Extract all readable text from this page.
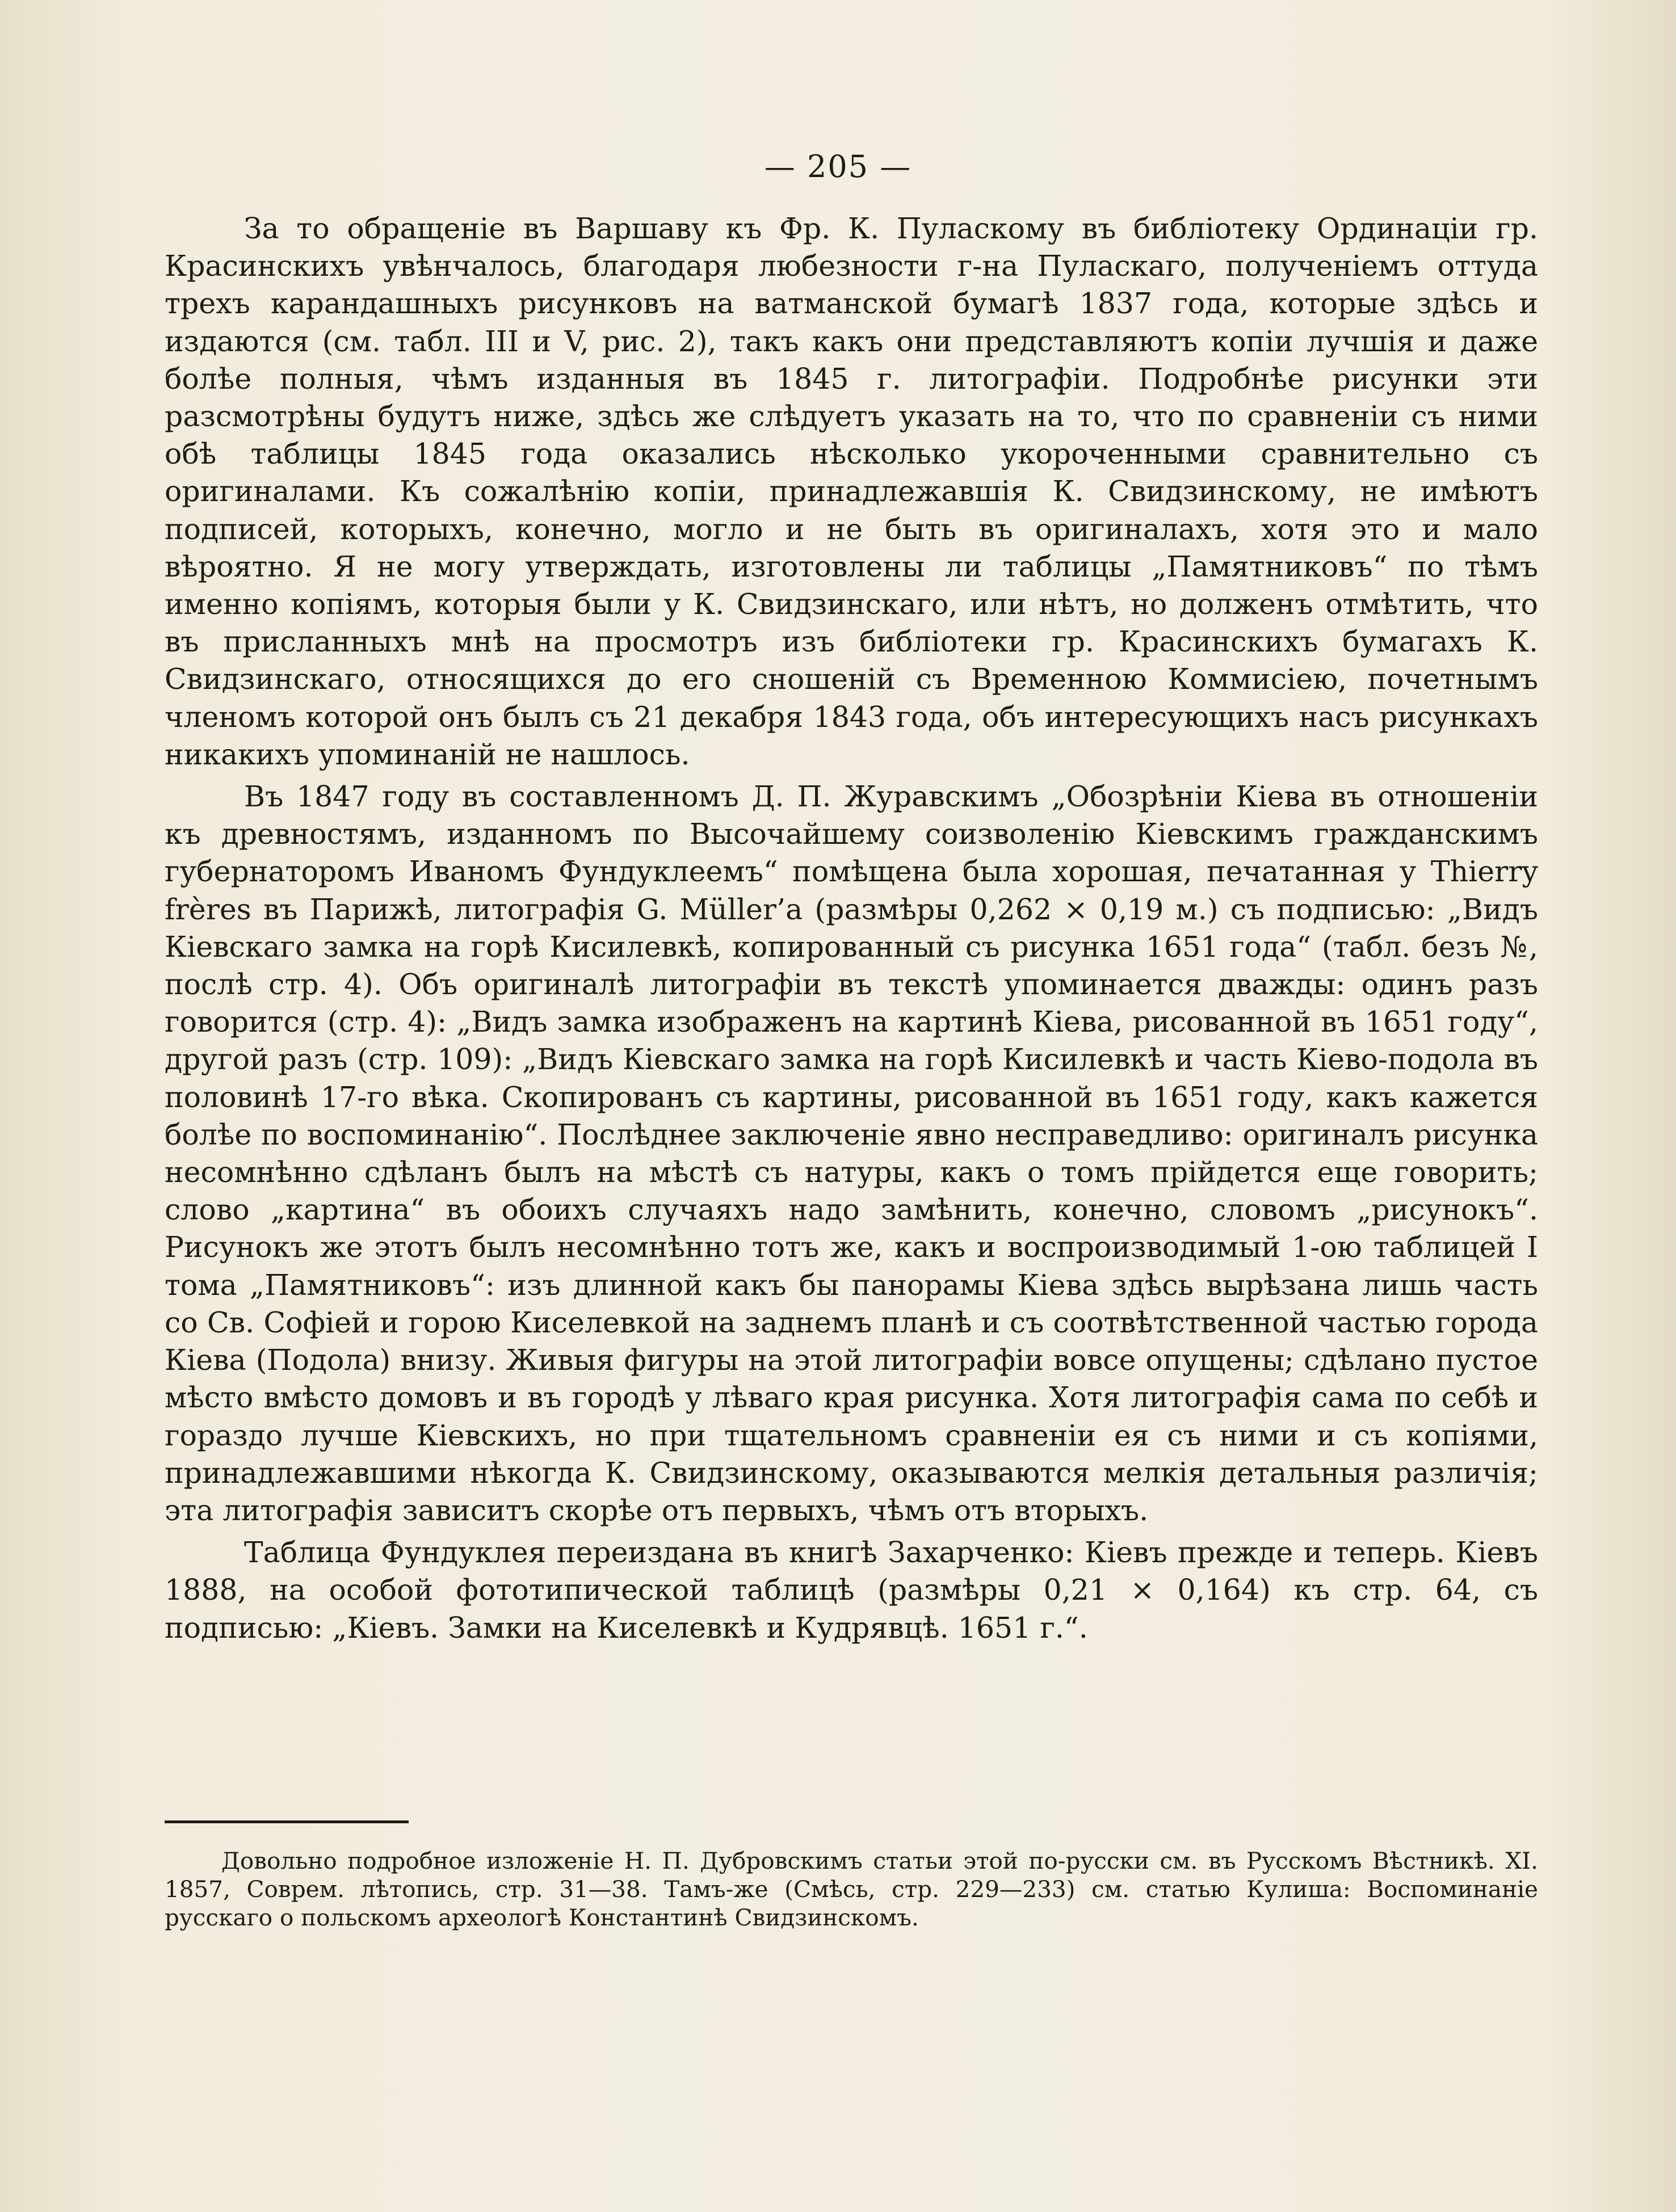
— 205 —

За то обращеніе въ Варшаву къ Фр. К. Пуласкому въ библіотеку Ординаціи гр. Красинскихъ увѣнчалось, благодаря любезности г-на Пуласкаго, полученіемъ оттуда трехъ карандашныхъ рисунковъ на ватманской бумагѣ 1837 года, которые здѣсь и издаются (см. табл. III и V, рис. 2), такъ какъ они представляютъ копіи лучшія и даже болѣе полныя, чѣмъ изданныя въ 1845 г. литографіи. Подробнѣе рисунки эти разсмотрѣны будутъ ниже, здѣсь же слѣдуетъ указать на то, что по сравненіи съ ними обѣ таблицы 1845 года оказались нѣсколько укороченными сравнительно съ оригиналами. Къ сожалѣнію копіи, принадлежавшія К. Свидзинскому, не имѣютъ подписей, которыхъ, конечно, могло и не быть въ оригиналахъ, хотя это и мало вѣроятно. Я не могу утверждать, изготовлены ли таблицы „Памятниковъ“ по тѣмъ именно копіямъ, которыя были у К. Свидзинскаго, или нѣтъ, но долженъ отмѣтить, что въ присланныхъ мнѣ на просмотръ изъ библіотеки гр. Красинскихъ бумагахъ К. Свидзинскаго, относящихся до его сношеній съ Временною Коммисіею, почетнымъ членомъ которой онъ былъ съ 21 декабря 1843 года, объ интересующихъ насъ рисункахъ никакихъ упоминаній не нашлось.

Въ 1847 году въ составленномъ Д. П. Журавскимъ „Обозрѣніи Кіева въ отношеніи къ древностямъ, изданномъ по Высочайшему соизволенію Кіевскимъ гражданскимъ губернаторомъ Иваномъ Фундуклеемъ“ помѣщена была хорошая, печатанная у Thierry frères въ Парижѣ, литографія G. Müller’а (размѣры 0,262 × 0,19 м.) съ подписью: „Видъ Кіевскаго замка на горѣ Кисилевкѣ, копированный съ рисунка 1651 года“ (табл. безъ №, послѣ стр. 4). Объ оригиналѣ литографіи въ текстѣ упоминается дважды: одинъ разъ говорится (стр. 4): „Видъ замка изображенъ на картинѣ Кіева, рисованной въ 1651 году“, другой разъ (стр. 109): „Видъ Кіевскаго замка на горѣ Кисилевкѣ и часть Кіево-подола въ половинѣ 17-го вѣка. Скопированъ съ картины, рисованной въ 1651 году, какъ кажется болѣе по воспоминанію“. Послѣднее заключеніе явно несправедливо: оригиналъ рисунка несомнѣнно сдѣланъ былъ на мѣстѣ съ натуры, какъ о томъ прійдется еще говорить; слово „картина“ въ обоихъ случаяхъ надо замѣнить, конечно, словомъ „рисунокъ“. Рисунокъ же этотъ былъ несомнѣнно тотъ же, какъ и воспроизводимый 1-ою таблицей I тома „Памятниковъ“: изъ длинной какъ бы панорамы Кіева здѣсь вырѣзана лишь часть со Св. Софіей и горою Киселевкой на заднемъ планѣ и съ соотвѣтственной частью города Кіева (Подола) внизу. Живыя фигуры на этой литографіи вовсе опущены; сдѣлано пустое мѣсто вмѣсто домовъ и въ городѣ у лѣваго края рисунка. Хотя литографія сама по себѣ и гораздо лучше Кіевскихъ, но при тщательномъ сравненіи ея съ ними и съ копіями, принадлежавшими нѣкогда К. Свидзинскому, оказываются мелкія детальныя различія; эта литографія зависитъ скорѣе отъ первыхъ, чѣмъ отъ вторыхъ.

Таблица Фундуклея переиздана въ книгѣ Захарченко: Кіевъ прежде и теперь. Кіевъ 1888, на особой фототипической таблицѣ (размѣры 0,21 × 0,164) къ стр. 64, съ подписью: „Кіевъ. Замки на Киселевкѣ и Кудрявцѣ. 1651 г.“.

Довольно подробное изложеніе Н. П. Дубровскимъ статьи этой по-русски см. въ Русскомъ Вѣстникѣ. XI. 1857, Соврем. лѣтопись, стр. 31—38. Тамъ-же (Смѣсь, стр. 229—233) см. статью Кулиша: Воспоминаніе русскаго о польскомъ археологѣ Константинѣ Свидзинскомъ.
